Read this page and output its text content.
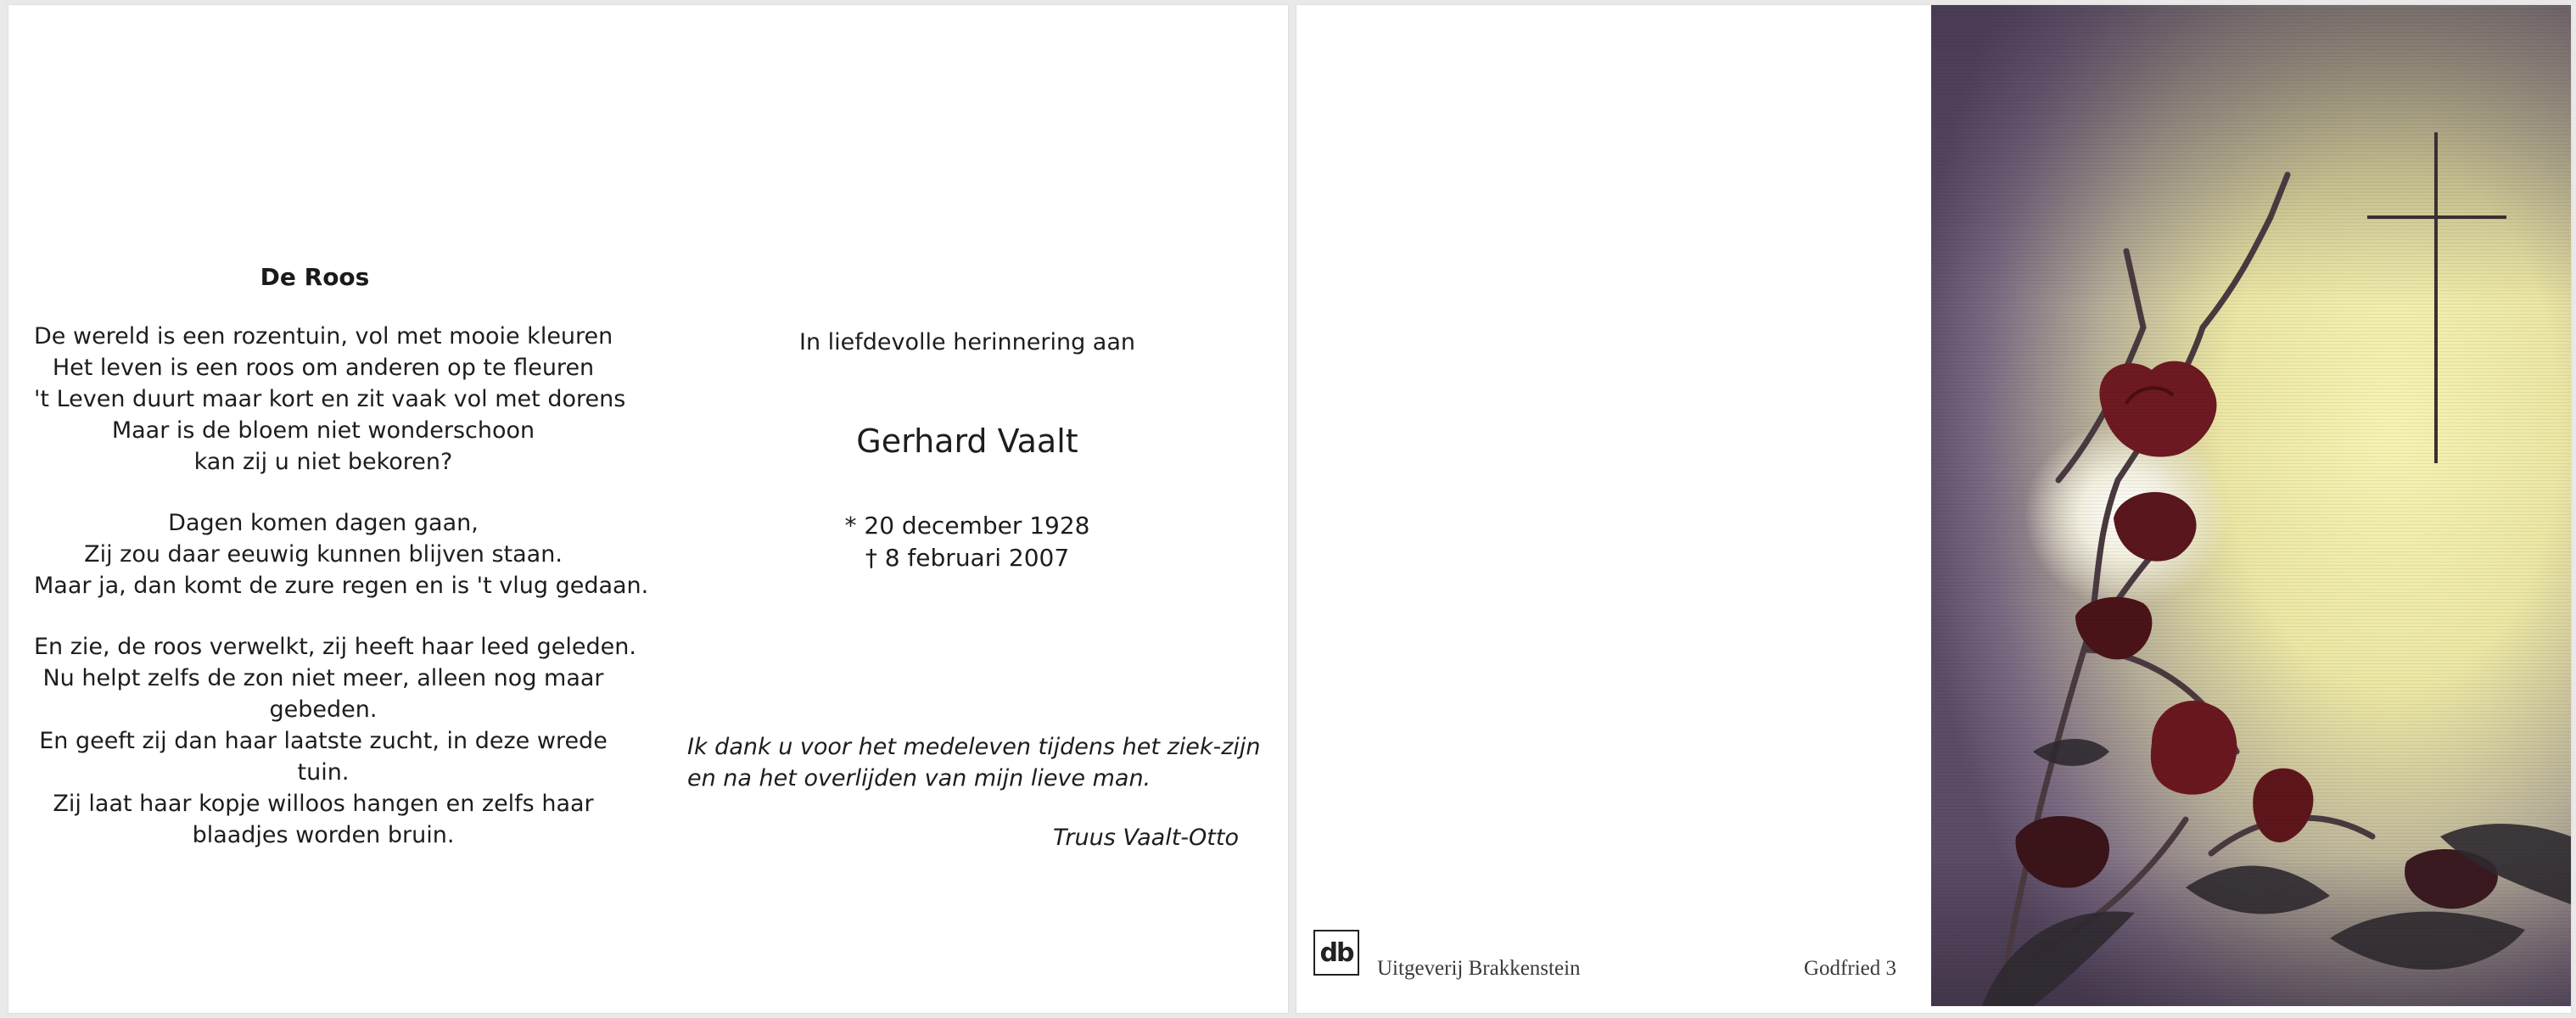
De Roos
De wereld is een rozentuin, vol met mooie kleuren
Het leven is een roos om anderen op te fleuren
't Leven duurt maar kort en zit vaak vol met dorens
Maar is de bloem niet wonderschoon
kan zij u niet bekoren?
Dagen komen dagen gaan,
Zij zou daar eeuwig kunnen blijven staan.
Maar ja, dan komt de zure regen en is 't vlug gedaan.
En zie, de roos verwelkt, zij heeft haar leed geleden.
Nu helpt zelfs de zon niet meer, alleen nog maar gebeden.
En geeft zij dan haar laatste zucht, in deze wrede tuin.
Zij laat haar kopje willoos hangen en zelfs haar blaadjes worden bruin.
In liefdevolle herinnering aan
Gerhard Vaalt
* 20 december 1928
† 8 februari 2007
Ik dank u voor het medeleven tijdens het ziek-zijn
en na het overlijden van mijn lieve man.
Truus Vaalt-Otto
db
Uitgeverij Brakkenstein	Godfried 3
